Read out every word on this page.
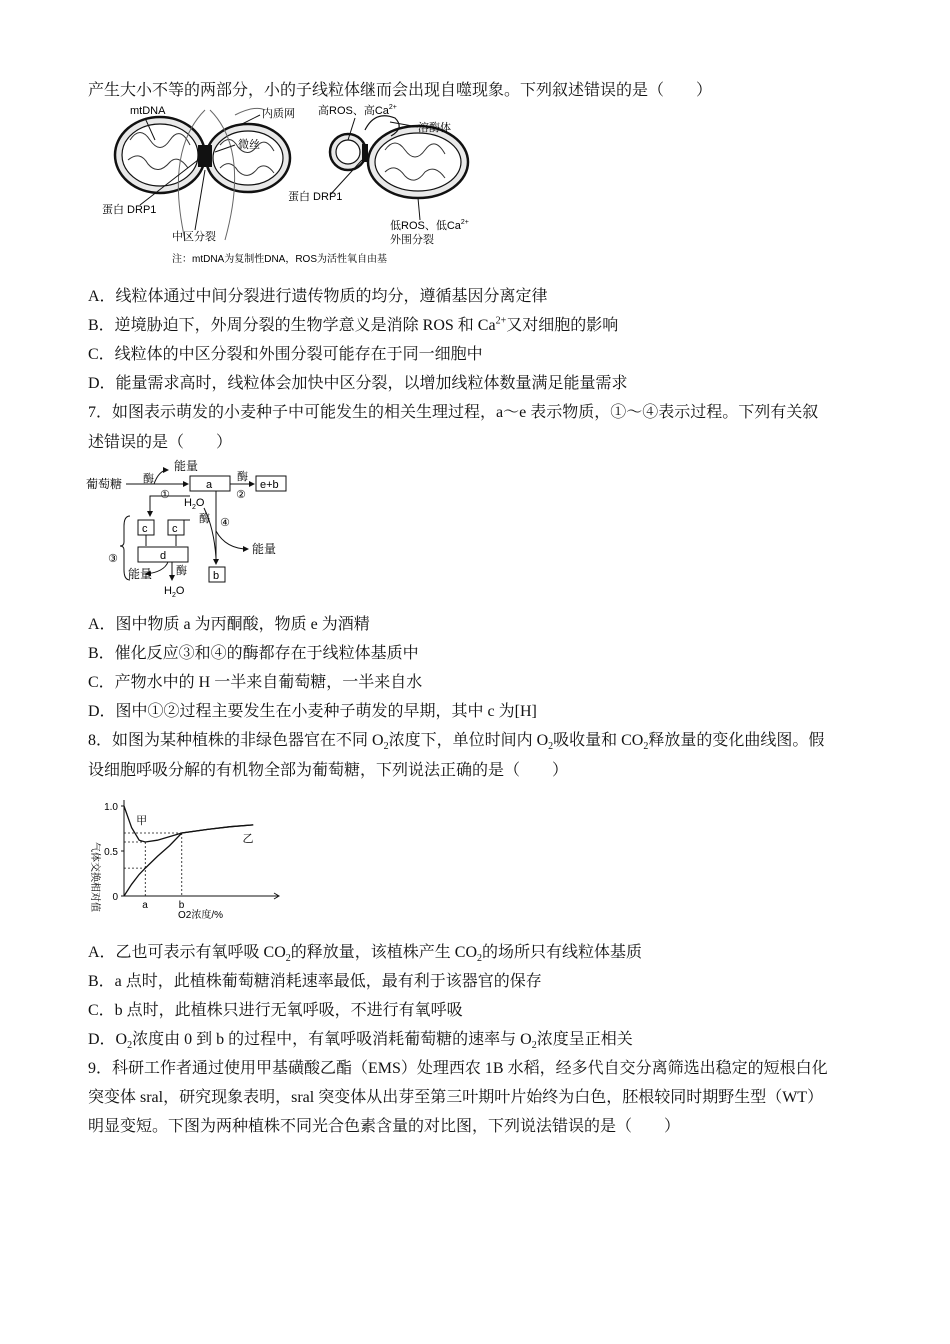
产生大小不等的两部分，小的子线粒体继而会出现自噬现象。下列叙述错误的是（　　）
mtDNA	内质网
微丝
蛋白 DRP1
中区分裂
高ROS、高$Ca^{2+}$
溶酶体
蛋白 DRP1
低ROS、低$Ca^{2+}$
外围分裂
注：mtDNA为复制性DNA，ROS为活性氧自由基
A．线粒体通过中间分裂进行遗传物质的均分，遵循基因分离定律
B．逆境胁迫下，外周分裂的生物学意义是消除 ROS 和 $Ca^{2+}$又对细胞的影响
C．线粒体的中区分裂和外围分裂可能存在于同一细胞中
D．能量需求高时，线粒体会加快中区分裂，以增加线粒体数量满足能量需求
7．如图表示萌发的小麦种子中可能发生的相关生理过程，a～e 表示物质，①～④表示过程。下列有关叙
述错误的是（　　）
葡萄糖 酶
能量
①
a
酶
②
e+b
$H_2O$
酶 ④
能量
c c
d
③
能量 酶
$H_2O$
b
A．图中物质 a 为丙酮酸，物质 e 为酒精
B．催化反应③和④的酶都存在于线粒体基质中
C．产物水中的 H 一半来自葡萄糖，一半来自水
D．图中①②过程主要发生在小麦种子萌发的早期，其中 c 为[H]
8．如图为某种植株的非绿色器官在不同 $O_2$浓度下，单位时间内 $O_2$吸收量和 $CO_2$释放量的变化曲线图。假
设细胞呼吸分解的有机物全部为葡萄糖，下列说法正确的是（　　）
气体交换相对值
O2浓度/%
0
0.5
1.0
甲
乙
a	b
A．乙也可表示有氧呼吸 $CO_2$的释放量，该植株产生 $CO_2$的场所只有线粒体基质
B．a 点时，此植株葡萄糖消耗速率最低，最有利于该器官的保存
C．b 点时，此植株只进行无氧呼吸，不进行有氧呼吸
D．$O_2$浓度由 0 到 b 的过程中，有氧呼吸消耗葡萄糖的速率与 $O_2$浓度呈正相关
9．科研工作者通过使用甲基磺酸乙酯（EMS）处理西农 1B 水稻，经多代自交分离筛选出稳定的短根白化
突变体 sral，研究现象表明，sral 突变体从出芽至第三叶期叶片始终为白色，胚根较同时期野生型（WT）
明显变短。下图为两种植株不同光合色素含量的对比图，下列说法错误的是（　　）
